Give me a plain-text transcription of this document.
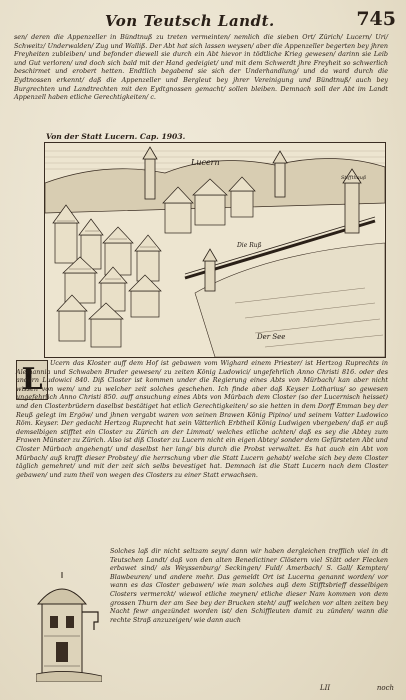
Von Teutsch Landt.	745

sen/ deren die Appenzeller in Bündtnuß zu treten vermeinten/ nemlich die sieben Ort/ Zürich/ Lucern/ Uri/ Schweitz/ Underwalden/ Zug und Walliß. Der Abt hat sich lassen weysen/ aber die Appenzeller begerten bey jhren Freyheiten zubleiben/ und befonder diewell sie durch ein Abt hievor in tödtliche Krieg gewesen/ darinn sie Leib und Gut verloren/ und doch sich bald mit der Hand gedeigiet/ und mit dem Schwerdt jhre Freyheit so schwerlich beschirmet und erobert hetten. Endtlich begabend sie sich der Underhandlung/ und da ward durch die Eydtnossen erkennt/ daß die Appenzeller und Bergleut bey jhrer Vereinigung und Bündtnuß/ auch bey Burgrechten und Landtrechten mit den Eydtgnossen gemacht/ sollen bleiben. Demnach soll der Abt im Landt Appenzell haben etliche Gerechtigkeiten/ c.

Von der Statt Lucern. Cap. 1903.

Lucern
Der See
Die Ruß
Stiffthauß
L	Ucern das Kloster auff dem Hof ist gebawen vom Wighard einem Priester/ ist Hertzog Ruprechts in Alemannia und Schwaben Bruder gewesen/ zu zeiten König Ludowici/ ungefehrlich Anno Christi 816. oder des andern Ludowici 840. Diß Closter ist kommen under die Regierung eines Abts von Mürbach/ kan aber nicht wissen von wem/ und zu welcher zeit solches geschehen. Ich finde aber daß Keyser Lotharius/ so gewesen ungefehrlich Anno Christi 850. auff ansuchung eines Abts von Mürbach dem Closter (so der Lucernisch heisset) und den Closterbrüdern daselbst bestätiget hat etlich Gerechtigkeiten/ so sie hetten in dem Dorff Emman bey der Reuß gelegt im Ergöw/ und jhnen vergabt waren von seinen Brawen König Pipino/ und seinem Vatter Ludowico Röm. Keyser. Der gedacht Hertzog Ruprecht hat sein Vätterlich Erbtheil König Ludwigen vbergeben/ daß er auß demselbigen stifftet ein Closter zu Zürich an der Limmat/ welches etliche achten/ daß es sey die Abtey zum Frawen Münster zu Zürich. Also ist diß Closter zu Lucern nicht ein eigen Abtey/ sonder dem Gefürsteten Abt und Closter Mürbach angehengt/ und daselbst her lang/ bis durch die Probst verwaltet. Es hat auch ein Abt von Mürbach/ auß krafft dieser Probstey/ die herrschung vber die Statt Lucern gehabt/ welche sich bey dem Closter täglich gemehret/ und mit der zeit sich selbs bevestiget hat. Demnach ist die Statt Lucern nach dem Closter gebawen/ und zum theil von wegen des Closters zu einer Statt erwachsen.

Solches laß dir nicht seltzam seyn/ dann wir haben dergleichen trefflich viel in dt Teutschen Landt/ daß von den alten Benedictiner Clöstern viel Stätt oder Flecken erbawet sind/ als Weyssenburg/ Seckingen/ Fuld/ Amerbach/ S. Gall/ Kempten/ Blawbeuren/ und andere mehr. Das gemeldt Ort ist Lucerna genannt worden/ vor wann es das Closter gebawen/ wie man solches auß dem Stifftsbrieff desselbigen Closters vermerckt/ wiewol etliche meynen/ etliche dieser Nam kommen von dem grossen Thurn der am See bey der Brucken steht/ auff welchen vor alten zeiten bey Nacht fewr angezündet worden ist/ den Schiffleuten damit zu zünden/ wann die rechte Straß anzuzeigen/ wie dann auch

LII	noch
